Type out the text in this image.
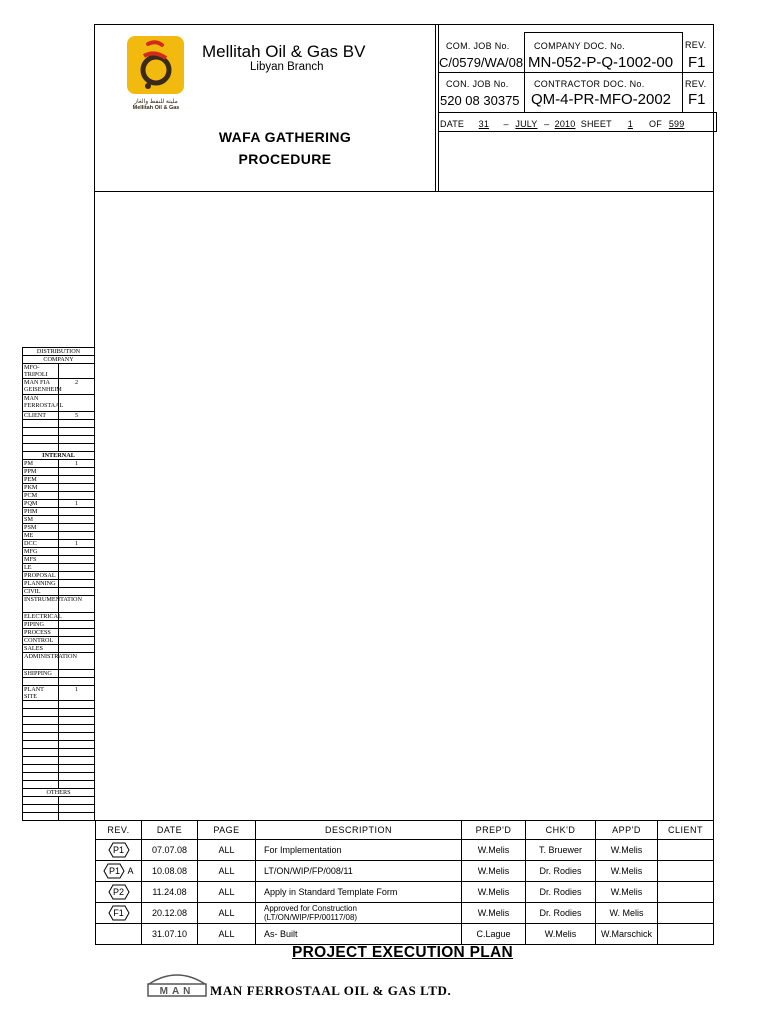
مليتة للنفط والغاز
Mellitah Oil & Gas
Mellitah Oil & Gas BV
Libyan Branch
WAFA GATHERING
PROCEDURE
COM. JOB No.
C/0579/WA/08
COMPANY DOC. No.
MN-052-P-Q-1002-00
REV.
F1
CON. JOB No.
520 08 30375
CONTRACTOR DOC. No.
QM-4-PR-MFO-2002
REV.
F1
DATE 31 – JULY – 2010 SHEET 1 OF 599
DISTRIBUTION	
COMPANY	
MFO-TRIPOLI	
MAN FIA GEISENHEIM	2
MAN FERROSTAAL	
CLIENT	5

INTERNAL	
PM	1
PPM	
PEM	
PKM	
PCM	
PQM	1
PHM	
SM	
PSM	
ME	
DCC	1
MFG	
MFS	
LE	
PROPOSAL	
PLANNING	
CIVIL	
INSTRUMENTATION	
ELECTRICAL	
PIPING	
PROCESS	
CONTROL	
SALES	
ADMINISTRATION	
SHIPPING	

PLANT SITE	1

OTHERS	

REV.	DATE	PAGE	DESCRIPTION	PREP'D	CHK'D	APP'D	CLIENT

P1	07.07.08	ALL	For Implementation	W.Melis	T. Bruewer	W.Melis	

P1 A	10.08.08	ALL	LT/ON/WIP/FP/008/11	W.Melis	Dr. Rodies	W.Melis	

P2	11.24.08	ALL	Apply in Standard Template Form	W.Melis	Dr. Rodies	W.Melis	

F1	20.12.08	ALL	Approved for Construction
(LT/ON/WIP/FP/00117/08)	W.Melis	Dr. Rodies	W. Melis	
	31.07.10	ALL	As- Built	C.Lague	W.Melis	W.Marschick	
PROJECT EXECUTION PLAN
MAN MAN FERROSTAAL OIL & GAS LTD.
